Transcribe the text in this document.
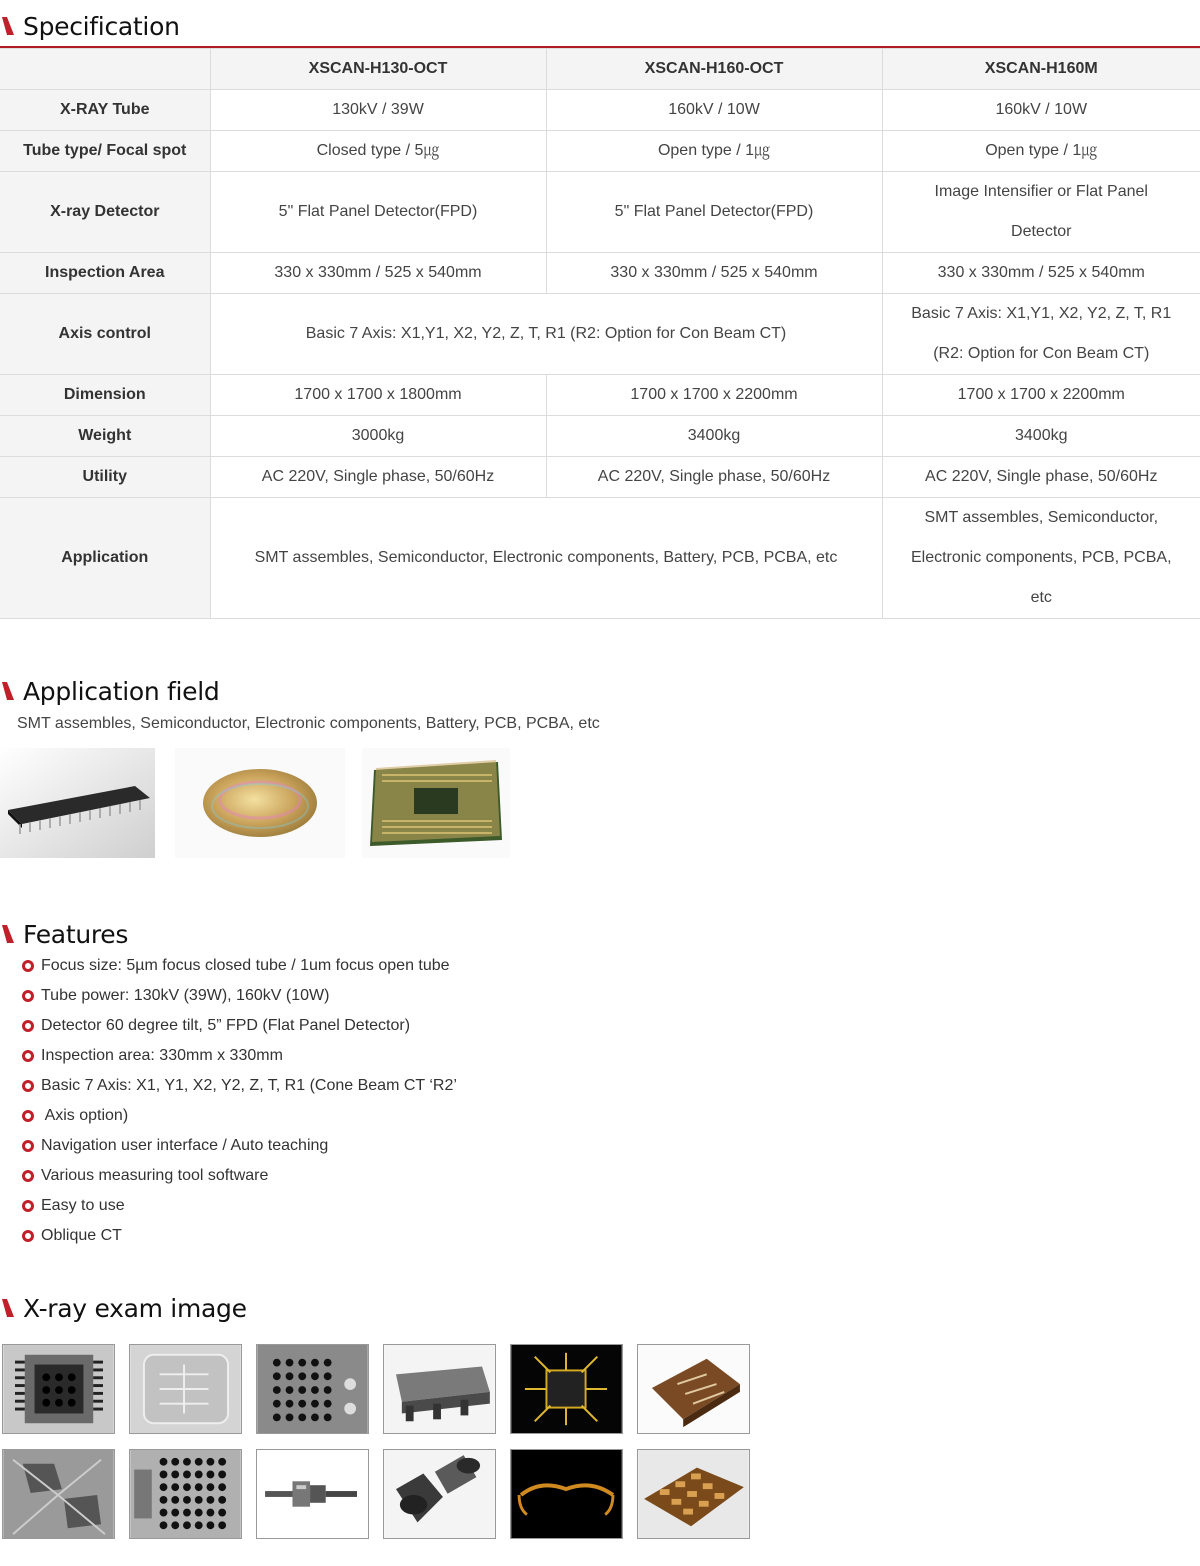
Specification
	XSCAN-H130-OCT	XSCAN-H160-OCT	XSCAN-H160M
X-RAY Tube	130kV / 39W	160kV / 10W	160kV / 10W
Tube type/ Focal spot	Closed type / 5㎍	Open type / 1㎍	Open type / 1㎍
X-ray Detector	5" Flat Panel Detector(FPD)	5" Flat Panel Detector(FPD)	Image Intensifier or Flat Panel
Detector

Inspection Area	330 x 330mm / 525 x 540mm	330 x 330mm / 525 x 540mm	330 x 330mm / 525 x 540mm
Axis control	Basic 7 Axis: X1,Y1, X2, Y2, Z, T, R1 (R2: Option for Con Beam CT)		Basic 7 Axis: X1,Y1, X2, Y2, Z, T, R1
(R2: Option for Con Beam CT)

Dimension	1700 x 1700 x 1800mm	1700 x 1700 x 2200mm	1700 x 1700 x 2200mm
Weight	3000kg	3400kg	3400kg
Utility	AC 220V, Single phase, 50/60Hz	AC 220V, Single phase, 50/60Hz	AC 220V, Single phase, 50/60Hz
Application	SMT assembles, Semiconductor, Electronic components, Battery, PCB, PCBA, etc		SMT assembles, Semiconductor,
Electronic components, PCB, PCBA,
etc
Application field
SMT assembles, Semiconductor, Electronic components, Battery, PCB, PCBA, etc
Features
Focus size: 5µm focus closed tube / 1um focus open tube
Tube power: 130kV (39W), 160kV (10W)
Detector 60 degree tilt, 5” FPD (Flat Panel Detector)
Inspection area: 330mm x 330mm
Basic 7 Axis: X1, Y1, X2, Y2, Z, T, R1 (Cone Beam CT ‘R2’
Axis option)
Navigation user interface / Auto teaching
Various measuring tool software
Easy to use
Oblique CT
X-ray exam image
